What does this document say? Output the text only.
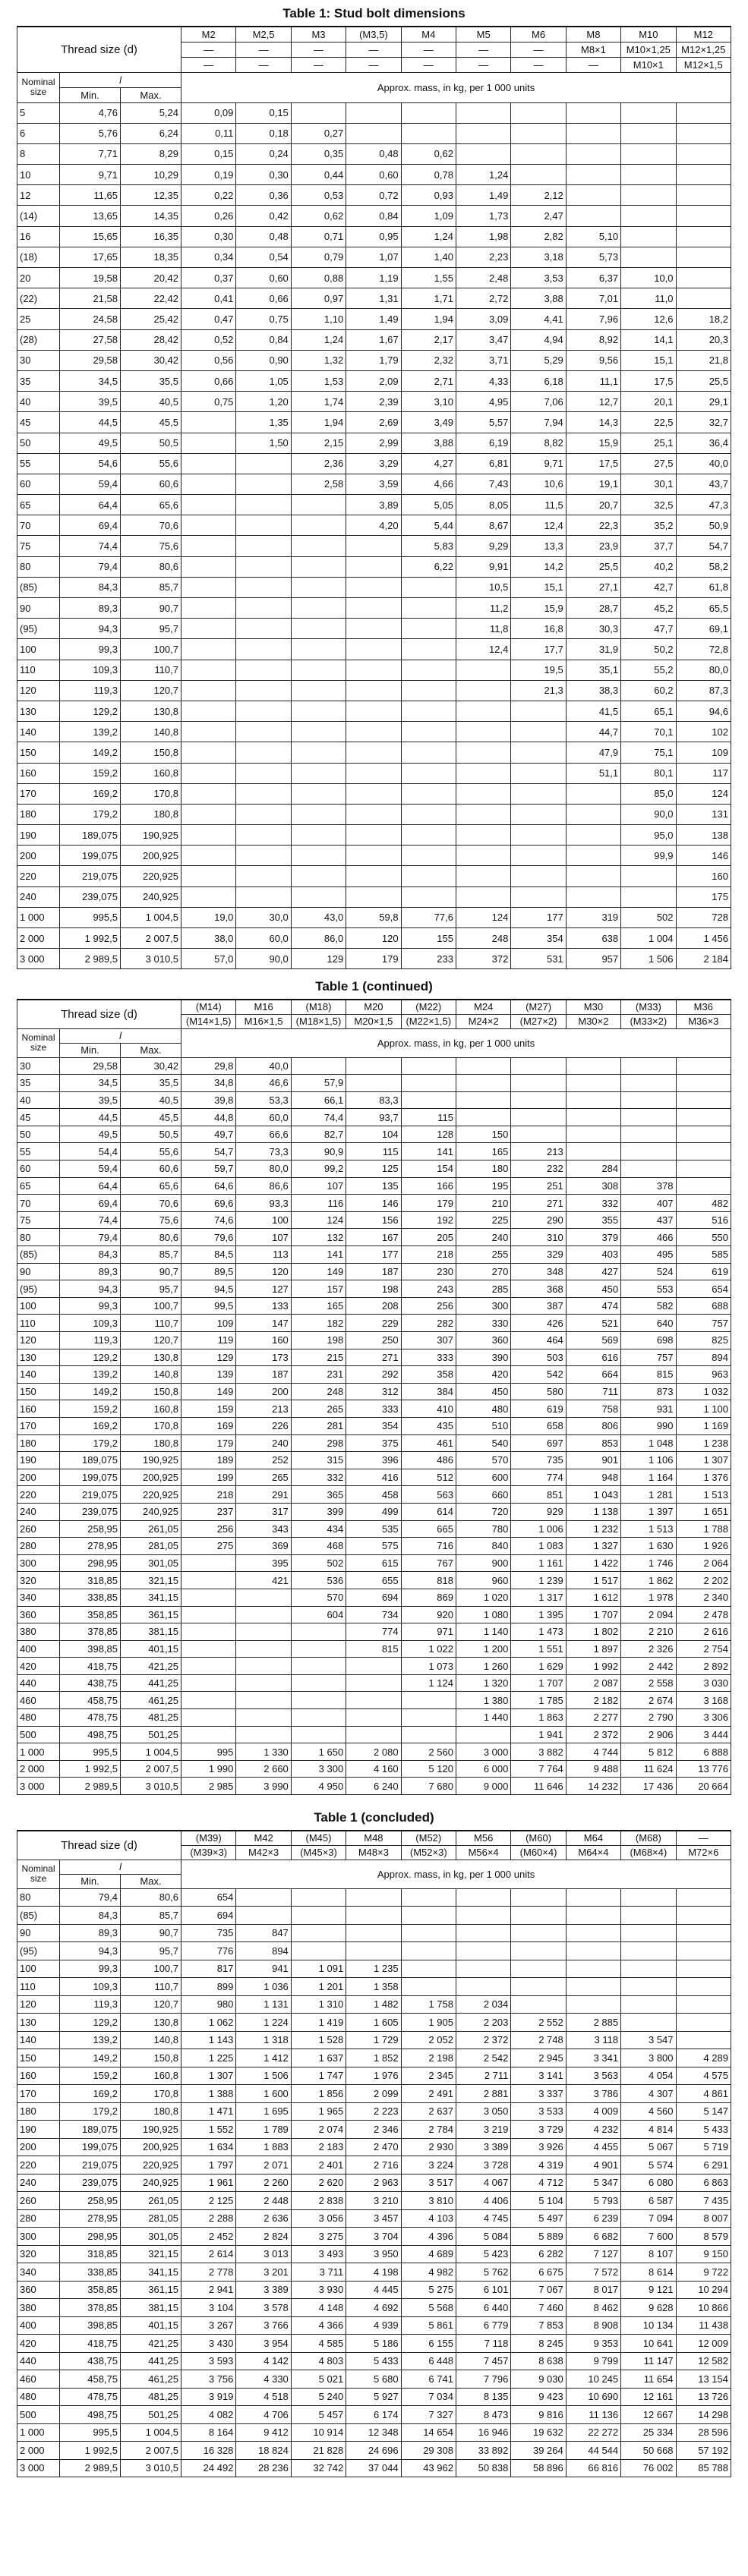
Table 1: Stud bolt dimensions
Thread size (d)			M2	M2,5	M3	(M3,5)	M4	M5	M6	M8	M10	M12
			—	—	—	—	—	—	—	M8×1	M10×1,25	M12×1,25
			—	—	—	—	—	—	—	—	M10×1	M12×1,5
Nominal size	l		Approx. mass, in kg, per 1 000 units									
	Min.	Max.										
5	4,76	5,24	0,09	0,15								
6	5,76	6,24	0,11	0,18	0,27							
8	7,71	8,29	0,15	0,24	0,35	0,48	0,62					
10	9,71	10,29	0,19	0,30	0,44	0,60	0,78	1,24				
12	11,65	12,35	0,22	0,36	0,53	0,72	0,93	1,49	2,12			
(14)	13,65	14,35	0,26	0,42	0,62	0,84	1,09	1,73	2,47			
16	15,65	16,35	0,30	0,48	0,71	0,95	1,24	1,98	2,82	5,10		
(18)	17,65	18,35	0,34	0,54	0,79	1,07	1,40	2,23	3,18	5,73		
20	19,58	20,42	0,37	0,60	0,88	1,19	1,55	2,48	3,53	6,37	10,0	
(22)	21,58	22,42	0,41	0,66	0,97	1,31	1,71	2,72	3,88	7,01	11,0	
25	24,58	25,42	0,47	0,75	1,10	1,49	1,94	3,09	4,41	7,96	12,6	18,2
(28)	27,58	28,42	0,52	0,84	1,24	1,67	2,17	3,47	4,94	8,92	14,1	20,3
30	29,58	30,42	0,56	0,90	1,32	1,79	2,32	3,71	5,29	9,56	15,1	21,8
35	34,5	35,5	0,66	1,05	1,53	2,09	2,71	4,33	6,18	11,1	17,5	25,5
40	39,5	40,5	0,75	1,20	1,74	2,39	3,10	4,95	7,06	12,7	20,1	29,1
45	44,5	45,5		1,35	1,94	2,69	3,49	5,57	7,94	14,3	22,5	32,7
50	49,5	50,5		1,50	2,15	2,99	3,88	6,19	8,82	15,9	25,1	36,4
55	54,6	55,6			2,36	3,29	4,27	6,81	9,71	17,5	27,5	40,0
60	59,4	60,6			2,58	3,59	4,66	7,43	10,6	19,1	30,1	43,7
65	64,4	65,6				3,89	5,05	8,05	11,5	20,7	32,5	47,3
70	69,4	70,6				4,20	5,44	8,67	12,4	22,3	35,2	50,9
75	74,4	75,6					5,83	9,29	13,3	23,9	37,7	54,7
80	79,4	80,6					6,22	9,91	14,2	25,5	40,2	58,2
(85)	84,3	85,7						10,5	15,1	27,1	42,7	61,8
90	89,3	90,7						11,2	15,9	28,7	45,2	65,5
(95)	94,3	95,7						11,8	16,8	30,3	47,7	69,1
100	99,3	100,7						12,4	17,7	31,9	50,2	72,8
110	109,3	110,7							19,5	35,1	55,2	80,0
120	119,3	120,7							21,3	38,3	60,2	87,3
130	129,2	130,8								41,5	65,1	94,6
140	139,2	140,8								44,7	70,1	102
150	149,2	150,8								47,9	75,1	109
160	159,2	160,8								51,1	80,1	117
170	169,2	170,8									85,0	124
180	179,2	180,8									90,0	131
190	189,075	190,925									95,0	138
200	199,075	200,925									99,9	146
220	219,075	220,925										160
240	239,075	240,925										175
1 000	995,5	1 004,5	19,0	30,0	43,0	59,8	77,6	124	177	319	502	728
2 000	1 992,5	2 007,5	38,0	60,0	86,0	120	155	248	354	638	1 004	1 456
3 000	2 989,5	3 010,5	57,0	90,0	129	179	233	372	531	957	1 506	2 184
Table 1 (continued)
Thread size (d)			(M14)	M16	(M18)	M20	(M22)	M24	(M27)	M30	(M33)	M36
			(M14×1,5)	M16×1,5	(M18×1,5)	M20×1,5	(M22×1,5)	M24×2	(M27×2)	M30×2	(M33×2)	M36×3
Nominal size	l		Approx. mass, in kg, per 1 000 units									
	Min.	Max.										
30	29,58	30,42	29,8	40,0								
35	34,5	35,5	34,8	46,6	57,9							
40	39,5	40,5	39,8	53,3	66,1	83,3						
45	44,5	45,5	44,8	60,0	74,4	93,7	115					
50	49,5	50,5	49,7	66,6	82,7	104	128	150				
55	54,4	55,6	54,7	73,3	90,9	115	141	165	213			
60	59,4	60,6	59,7	80,0	99,2	125	154	180	232	284		
65	64,4	65,6	64,6	86,6	107	135	166	195	251	308	378	
70	69,4	70,6	69,6	93,3	116	146	179	210	271	332	407	482
75	74,4	75,6	74,6	100	124	156	192	225	290	355	437	516
80	79,4	80,6	79,6	107	132	167	205	240	310	379	466	550
(85)	84,3	85,7	84,5	113	141	177	218	255	329	403	495	585
90	89,3	90,7	89,5	120	149	187	230	270	348	427	524	619
(95)	94,3	95,7	94,5	127	157	198	243	285	368	450	553	654
100	99,3	100,7	99,5	133	165	208	256	300	387	474	582	688
110	109,3	110,7	109	147	182	229	282	330	426	521	640	757
120	119,3	120,7	119	160	198	250	307	360	464	569	698	825
130	129,2	130,8	129	173	215	271	333	390	503	616	757	894
140	139,2	140,8	139	187	231	292	358	420	542	664	815	963
150	149,2	150,8	149	200	248	312	384	450	580	711	873	1 032
160	159,2	160,8	159	213	265	333	410	480	619	758	931	1 100
170	169,2	170,8	169	226	281	354	435	510	658	806	990	1 169
180	179,2	180,8	179	240	298	375	461	540	697	853	1 048	1 238
190	189,075	190,925	189	252	315	396	486	570	735	901	1 106	1 307
200	199,075	200,925	199	265	332	416	512	600	774	948	1 164	1 376
220	219,075	220,925	218	291	365	458	563	660	851	1 043	1 281	1 513
240	239,075	240,925	237	317	399	499	614	720	929	1 138	1 397	1 651
260	258,95	261,05	256	343	434	535	665	780	1 006	1 232	1 513	1 788
280	278,95	281,05	275	369	468	575	716	840	1 083	1 327	1 630	1 926
300	298,95	301,05		395	502	615	767	900	1 161	1 422	1 746	2 064
320	318,85	321,15		421	536	655	818	960	1 239	1 517	1 862	2 202
340	338,85	341,15			570	694	869	1 020	1 317	1 612	1 978	2 340
360	358,85	361,15			604	734	920	1 080	1 395	1 707	2 094	2 478
380	378,85	381,15				774	971	1 140	1 473	1 802	2 210	2 616
400	398,85	401,15				815	1 022	1 200	1 551	1 897	2 326	2 754
420	418,75	421,25					1 073	1 260	1 629	1 992	2 442	2 892
440	438,75	441,25					1 124	1 320	1 707	2 087	2 558	3 030
460	458,75	461,25						1 380	1 785	2 182	2 674	3 168
480	478,75	481,25						1 440	1 863	2 277	2 790	3 306
500	498,75	501,25							1 941	2 372	2 906	3 444
1 000	995,5	1 004,5	995	1 330	1 650	2 080	2 560	3 000	3 882	4 744	5 812	6 888
2 000	1 992,5	2 007,5	1 990	2 660	3 300	4 160	5 120	6 000	7 764	9 488	11 624	13 776
3 000	2 989,5	3 010,5	2 985	3 990	4 950	6 240	7 680	9 000	11 646	14 232	17 436	20 664
Table 1 (concluded)
Thread size (d)			(M39)	M42	(M45)	M48	(M52)	M56	(M60)	M64	(M68)	—
			(M39×3)	M42×3	(M45×3)	M48×3	(M52×3)	M56×4	(M60×4)	M64×4	(M68×4)	M72×6
Nominal size	l		Approx. mass, in kg, per 1 000 units									
	Min.	Max.										
80	79,4	80,6	654									
(85)	84,3	85,7	694									
90	89,3	90,7	735	847								
(95)	94,3	95,7	776	894								
100	99,3	100,7	817	941	1 091	1 235						
110	109,3	110,7	899	1 036	1 201	1 358						
120	119,3	120,7	980	1 131	1 310	1 482	1 758	2 034				
130	129,2	130,8	1 062	1 224	1 419	1 605	1 905	2 203	2 552	2 885		
140	139,2	140,8	1 143	1 318	1 528	1 729	2 052	2 372	2 748	3 118	3 547	
150	149,2	150,8	1 225	1 412	1 637	1 852	2 198	2 542	2 945	3 341	3 800	4 289
160	159,2	160,8	1 307	1 506	1 747	1 976	2 345	2 711	3 141	3 563	4 054	4 575
170	169,2	170,8	1 388	1 600	1 856	2 099	2 491	2 881	3 337	3 786	4 307	4 861
180	179,2	180,8	1 471	1 695	1 965	2 223	2 637	3 050	3 533	4 009	4 560	5 147
190	189,075	190,925	1 552	1 789	2 074	2 346	2 784	3 219	3 729	4 232	4 814	5 433
200	199,075	200,925	1 634	1 883	2 183	2 470	2 930	3 389	3 926	4 455	5 067	5 719
220	219,075	220,925	1 797	2 071	2 401	2 716	3 224	3 728	4 319	4 901	5 574	6 291
240	239,075	240,925	1 961	2 260	2 620	2 963	3 517	4 067	4 712	5 347	6 080	6 863
260	258,95	261,05	2 125	2 448	2 838	3 210	3 810	4 406	5 104	5 793	6 587	7 435
280	278,95	281,05	2 288	2 636	3 056	3 457	4 103	4 745	5 497	6 239	7 094	8 007
300	298,95	301,05	2 452	2 824	3 275	3 704	4 396	5 084	5 889	6 682	7 600	8 579
320	318,85	321,15	2 614	3 013	3 493	3 950	4 689	5 423	6 282	7 127	8 107	9 150
340	338,85	341,15	2 778	3 201	3 711	4 198	4 982	5 762	6 675	7 572	8 614	9 722
360	358,85	361,15	2 941	3 389	3 930	4 445	5 275	6 101	7 067	8 017	9 121	10 294
380	378,85	381,15	3 104	3 578	4 148	4 692	5 568	6 440	7 460	8 462	9 628	10 866
400	398,85	401,15	3 267	3 766	4 366	4 939	5 861	6 779	7 853	8 908	10 134	11 438
420	418,75	421,25	3 430	3 954	4 585	5 186	6 155	7 118	8 245	9 353	10 641	12 009
440	438,75	441,25	3 593	4 142	4 803	5 433	6 448	7 457	8 638	9 799	11 147	12 582
460	458,75	461,25	3 756	4 330	5 021	5 680	6 741	7 796	9 030	10 245	11 654	13 154
480	478,75	481,25	3 919	4 518	5 240	5 927	7 034	8 135	9 423	10 690	12 161	13 726
500	498,75	501,25	4 082	4 706	5 457	6 174	7 327	8 473	9 816	11 136	12 667	14 298
1 000	995,5	1 004,5	8 164	9 412	10 914	12 348	14 654	16 946	19 632	22 272	25 334	28 596
2 000	1 992,5	2 007,5	16 328	18 824	21 828	24 696	29 308	33 892	39 264	44 544	50 668	57 192
3 000	2 989,5	3 010,5	24 492	28 236	32 742	37 044	43 962	50 838	58 896	66 816	76 002	85 788
